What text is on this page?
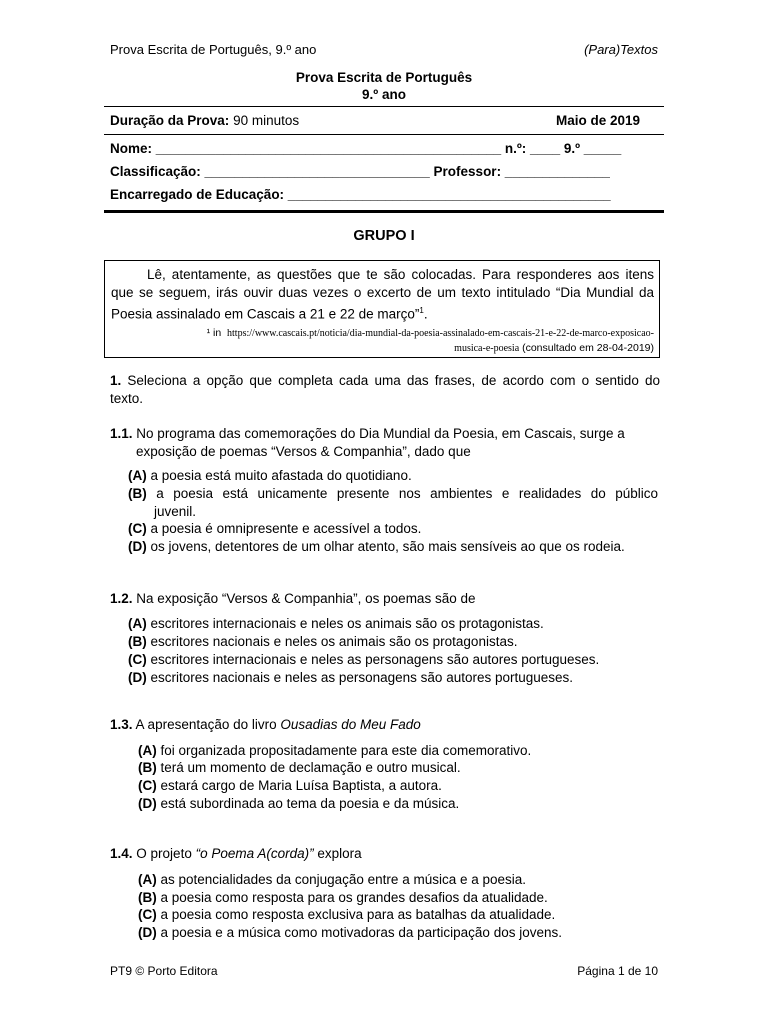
Prova Escrita de Português, 9.º ano	(Para)Textos
Prova Escrita de Português
9.º ano
Duração da Prova: 90 minutos	Maio de 2019
Nome: ______________________________________________ n.º: ____ 9.º _____
Classificação: ______________________________ Professor: ______________
Encarregado de Educação: ___________________________________________
GRUPO I

Lê, atentamente, as questões que te são colocadas. Para responderes aos itens que se seguem, irás ouvir duas vezes o excerto de um texto intitulado “Dia Mundial da Poesia assinalado em Cascais a 21 e 22 de março”$^1$.

¹ in https://www.cascais.pt/noticia/dia-mundial-da-poesia-assinalado-em-cascais-21-e-22-de-marco-exposicao-
musica-e-poesia (consultado em 28-04-2019)
1. Seleciona a opção que completa cada uma das frases, de acordo com o sentido do texto.
1.1. No programa das comemorações do Dia Mundial da Poesia, em Cascais, surge a
exposição de poemas “Versos & Companhia”, dado que
(A) a poesia está muito afastada do quotidiano.
(B) a poesia está unicamente presente nos ambientes e realidades do público
juvenil.
(C) a poesia é omnipresente e acessível a todos.
(D) os jovens, detentores de um olhar atento, são mais sensíveis ao que os rodeia.
1.2. Na exposição “Versos & Companhia”, os poemas são de
(A) escritores internacionais e neles os animais são os protagonistas.
(B) escritores nacionais e neles os animais são os protagonistas.
(C) escritores internacionais e neles as personagens são autores portugueses.
(D) escritores nacionais e neles as personagens são autores portugueses.
1.3. A apresentação do livro Ousadias do Meu Fado
(A) foi organizada propositadamente para este dia comemorativo.
(B) terá um momento de declamação e outro musical.
(C) estará cargo de Maria Luísa Baptista, a autora.
(D) está subordinada ao tema da poesia e da música.
1.4. O projeto “o Poema A(corda)” explora
(A) as potencialidades da conjugação entre a música e a poesia.
(B) a poesia como resposta para os grandes desafios da atualidade.
(C) a poesia como resposta exclusiva para as batalhas da atualidade.
(D) a poesia e a música como motivadoras da participação dos jovens.
PT9 © Porto Editora	Página 1 de 10
